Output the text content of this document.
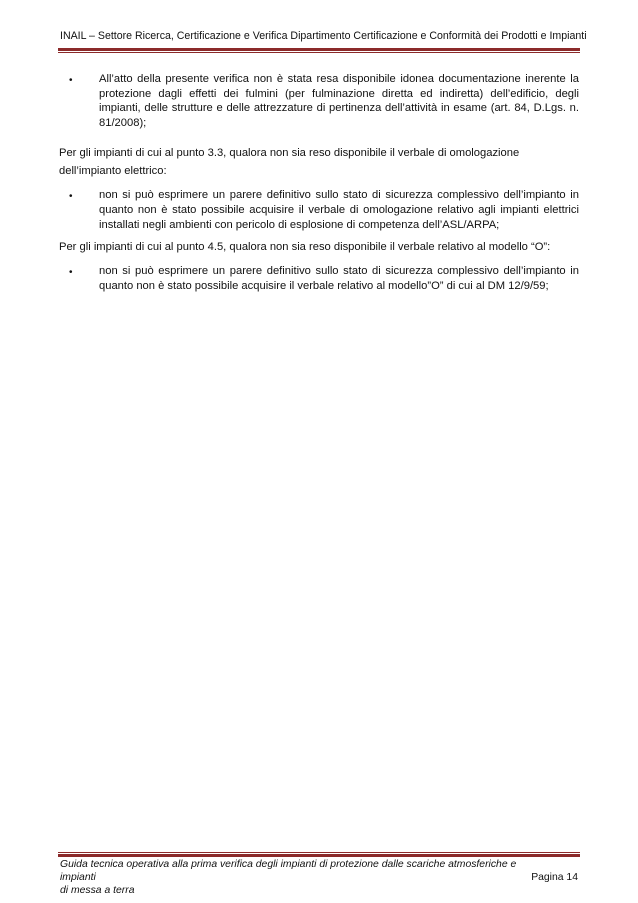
INAIL – Settore Ricerca, Certificazione e Verifica Dipartimento Certificazione e Conformità dei Prodotti e Impianti
• All’atto della presente verifica non è stata resa disponibile idonea documentazione inerente la protezione dagli effetti dei fulmini (per fulminazione diretta ed indiretta) dell’edificio, degli impianti, delle strutture e delle attrezzature di pertinenza dell’attività in esame (art. 84, D.Lgs. n. 81/2008);

Per gli impianti di cui al punto 3.3, qualora non sia reso disponibile il verbale di omologazione dell’impianto elettrico:

• non si può esprimere un parere definitivo sullo stato di sicurezza complessivo dell’impianto in quanto non è stato possibile acquisire il verbale di omologazione relativo agli impianti elettrici installati negli ambienti con pericolo di esplosione di competenza dell’ASL/ARPA;

Per gli impianti di cui al punto 4.5, qualora non sia reso disponibile il verbale relativo al modello “O”:

• non si può esprimere un parere definitivo sullo stato di sicurezza complessivo dell’impianto in quanto non è stato possibile acquisire il verbale relativo al modello”O” di cui al DM 12/9/59;
Guida tecnica operativa alla prima verifica degli impianti di protezione dalle scariche atmosferiche e impianti
di messa a terra
Pagina 14
